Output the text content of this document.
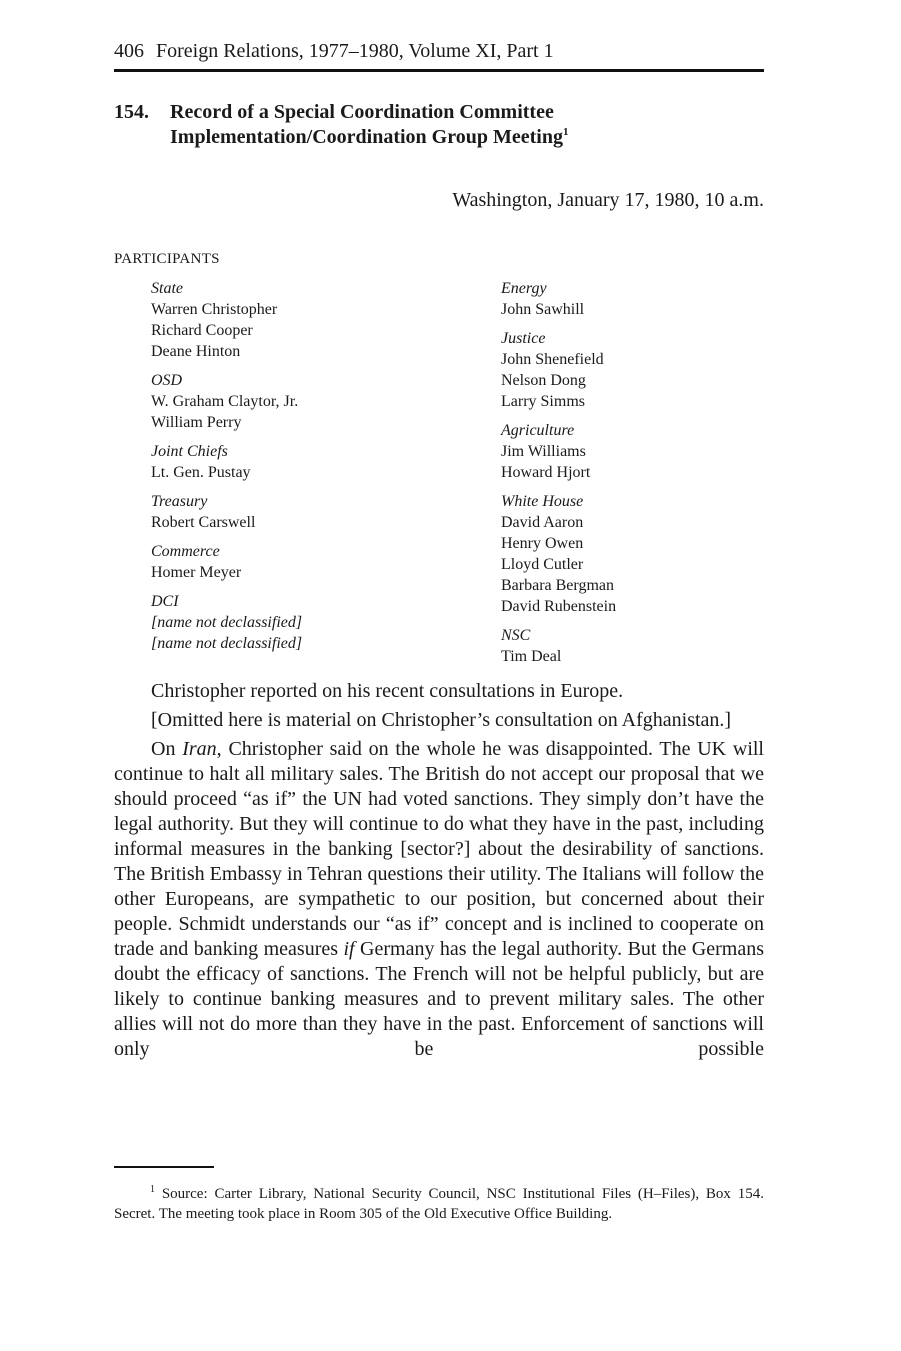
406 Foreign Relations, 1977–1980, Volume XI, Part 1
154. Record of a Special Coordination Committee
Implementation/Coordination Group Meeting$^1$
Washington, January 17, 1980, 10 a.m.
PARTICIPANTS
State
Warren Christopher
Richard Cooper
Deane Hinton
OSD
W. Graham Claytor, Jr.
William Perry
Joint Chiefs
Lt. Gen. Pustay
Treasury
Robert Carswell
Commerce
Homer Meyer
DCI
[name not declassified]
[name not declassified]
Energy
John Sawhill
Justice
John Shenefield
Nelson Dong
Larry Simms
Agriculture
Jim Williams
Howard Hjort
White House
David Aaron
Henry Owen
Lloyd Cutler
Barbara Bergman
David Rubenstein
NSC
Tim Deal

Christopher reported on his recent consultations in Europe.

[Omitted here is material on Christopher’s consultation on Afghanistan.]

On Iran, Christopher said on the whole he was disappointed. The UK will continue to halt all military sales. The British do not accept our proposal that we should proceed “as if” the UN had voted sanctions. They simply don’t have the legal authority. But they will continue to do what they have in the past, including informal measures in the banking [sector?] about the desirability of sanctions. The British Embassy in Tehran questions their utility. The Italians will follow the other Europeans, are sympathetic to our position, but concerned about their people. Schmidt understands our “as if” concept and is inclined to cooperate on trade and banking measures if Germany has the legal authority. But the Germans doubt the efficacy of sanctions. The French will not be helpful publicly, but are likely to continue banking measures and to prevent military sales. The other allies will not do more than they have in the past. Enforcement of sanctions will only be possible

$^1$ Source: Carter Library, National Security Council, NSC Institutional Files (H–Files), Box 154. Secret. The meeting took place in Room 305 of the Old Executive Office Building.
